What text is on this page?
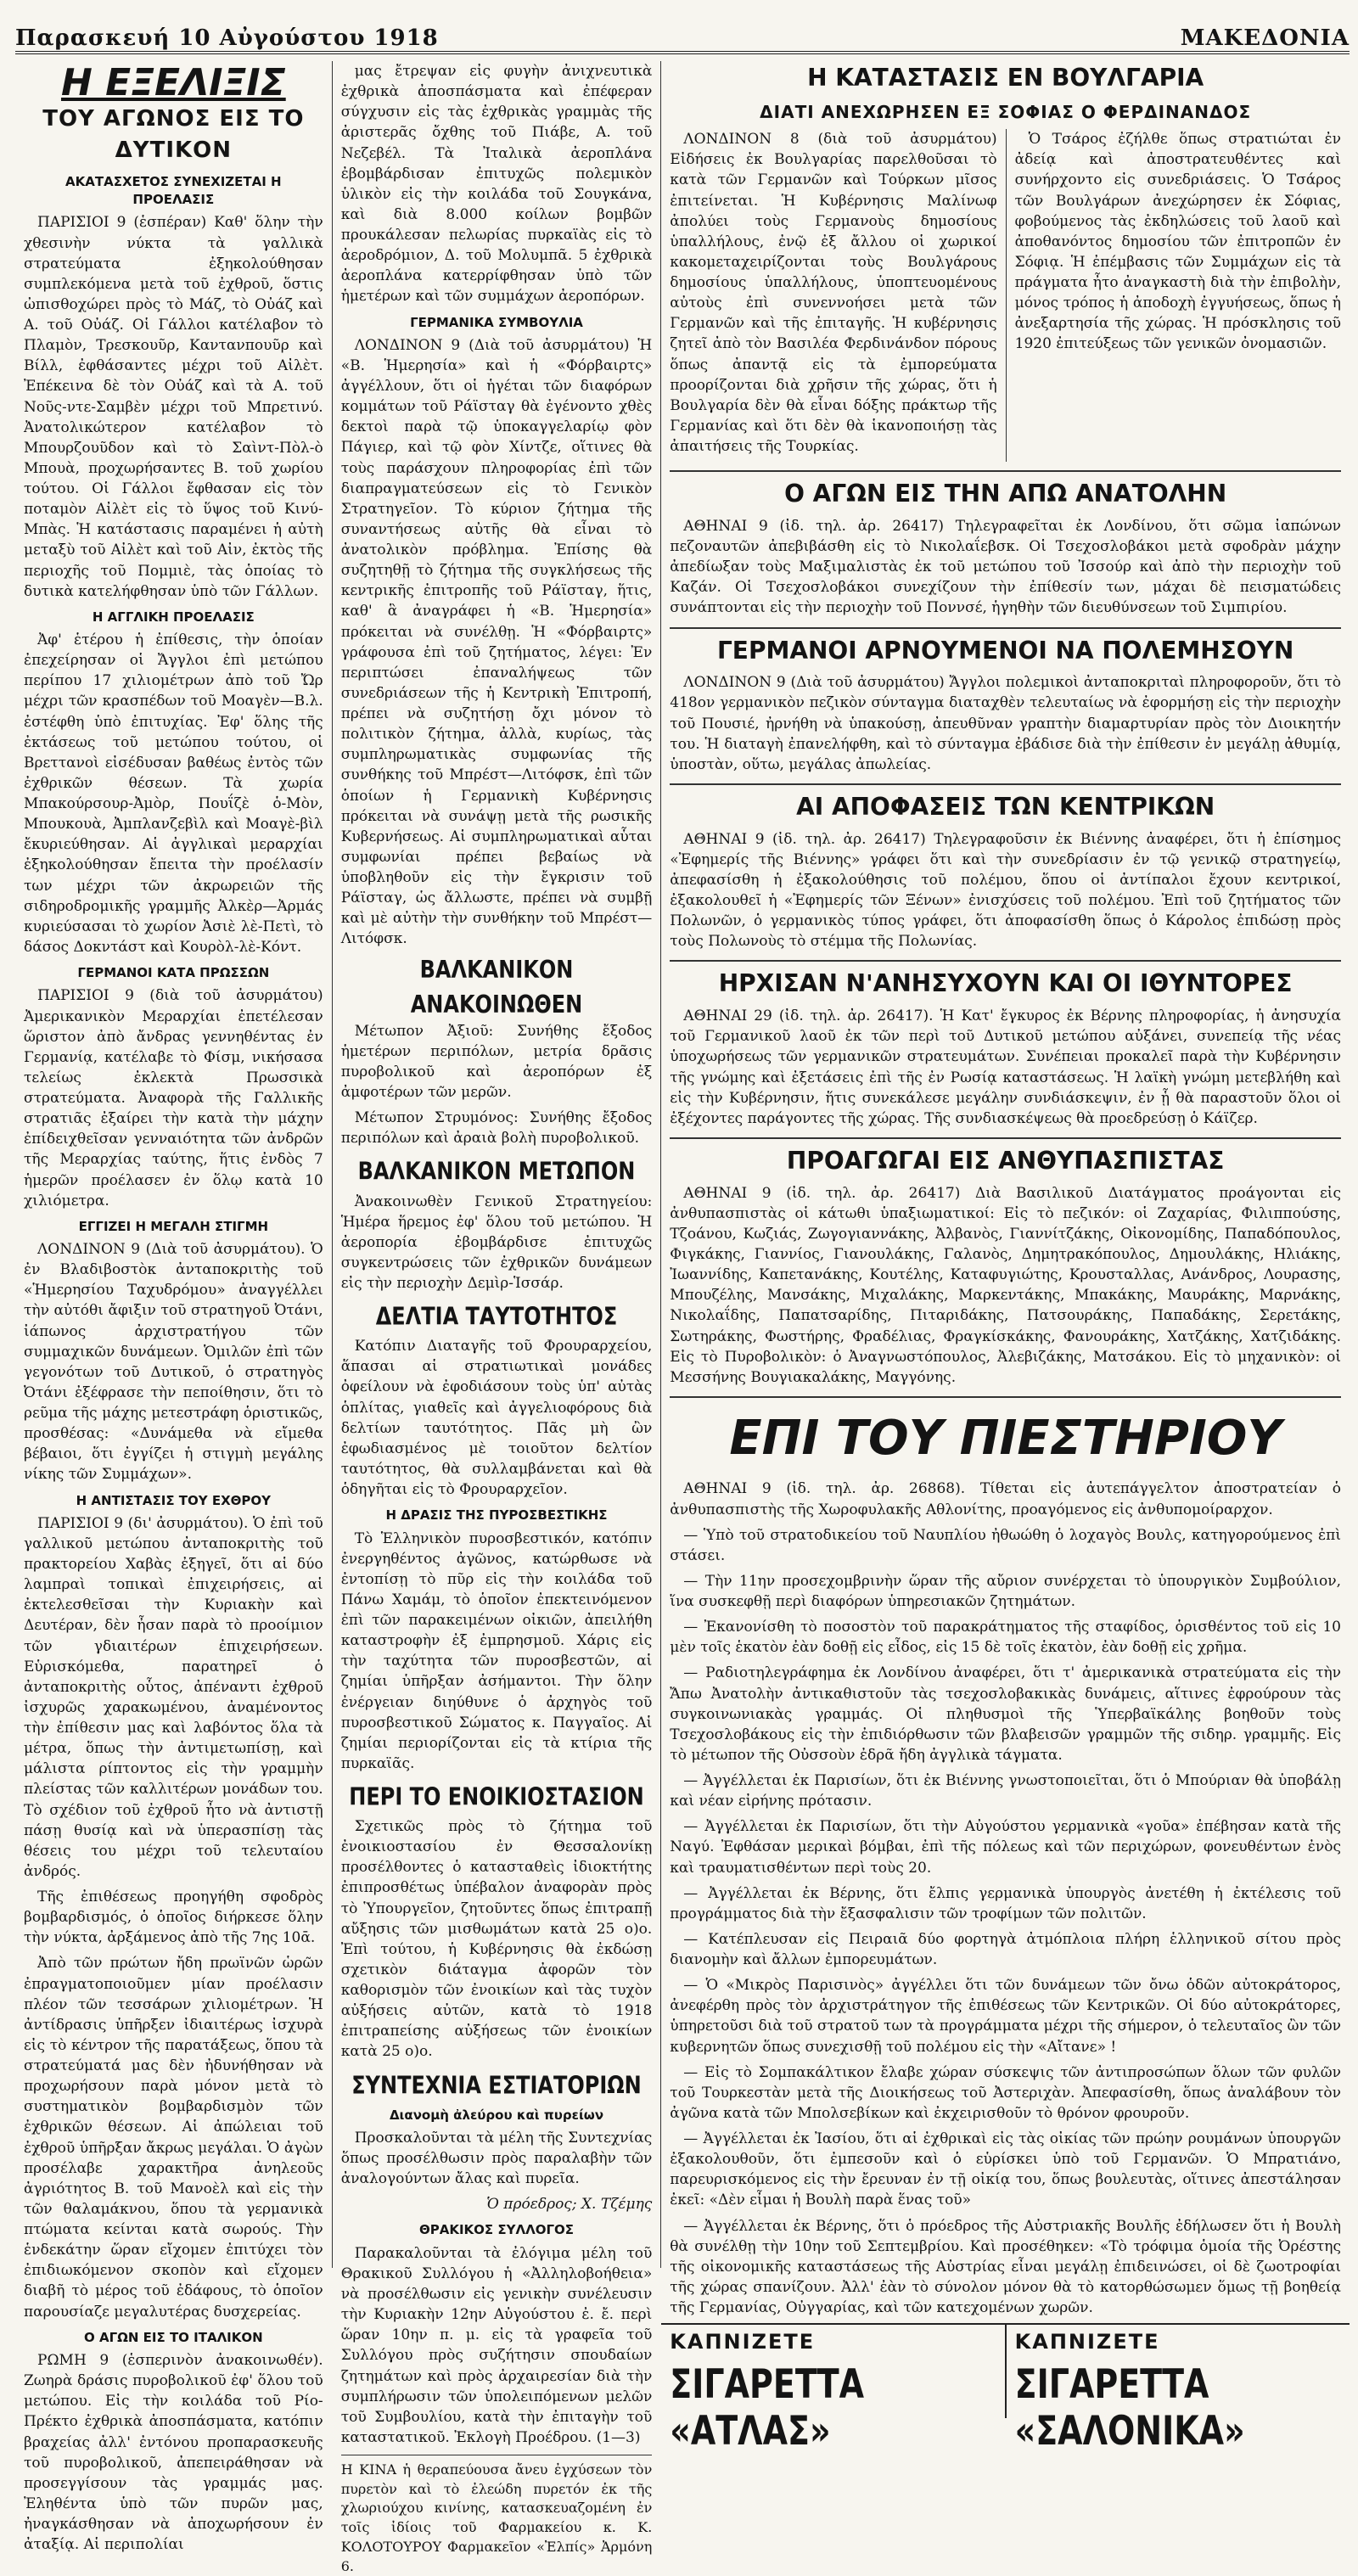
Παρασκευή 10 Αὐγούστου 1918	ΜΑΚΕΔΟΝΙΑ
Η ΕΞΕΛΙΞΙΣ
ΤΟΥ ΑΓΩΝΟΣ ΕΙΣ ΤΟ ΔΥΤΙΚΟΝ
ΑΚΑΤΑΣΧΕΤΟΣ ΣΥΝΕΧΙΖΕΤΑΙ Η ΠΡΟΕΛΑΣΙΣ

ΠΑΡΙΣΙΟΙ 9 (ἑσπέραν) Καθ' ὅλην τὴν χθεσινὴν νύκτα τὰ γαλλικὰ στρατεύματα ἐξηκολούθησαν συμπλεκόμενα μετὰ τοῦ ἐχθροῦ, ὅστις ὠπισθοχώρει πρὸς τὸ Μάζ, τὸ Οὐάζ καὶ Α. τοῦ Οὐάζ. Οἱ Γάλλοι κατέλαβον τὸ Πλαμὸν, Τρεσκουῦρ, Καντανπουῦρ καὶ Βίλλ, ἐφθάσαντες μέχρι τοῦ Αἰλὲτ. Ἐπέκεινα δὲ τὸν Οὐάζ καὶ τὰ Α. τοῦ Νοῦς-ντε-Σαμβὲν μέχρι τοῦ Μπρετινύ. Ἀνατολικώτερον κατέλαβον τὸ Μπουρζουῦδον καὶ τὸ Σαὶντ-Πὸλ-ὸ Μπουὰ, προχωρήσαντες Β. τοῦ χωρίου τούτου. Οἱ Γάλλοι ἔφθασαν εἰς τὸν ποταμὸν Αἰλὲτ εἰς τὸ ὕψος τοῦ Κινύ-Μπὰς. Ἡ κατάστασις παραμένει ἡ αὐτὴ μεταξὺ τοῦ Αἰλὲτ καὶ τοῦ Αἰν, ἐκτὸς τῆς περιοχῆς τοῦ Πομμιὲ, τὰς ὁποίας τὸ δυτικὰ κατελήφθησαν ὑπὸ τῶν Γάλλων.

Η ΑΓΓΛΙΚΗ ΠΡΟΕΛΑΣΙΣ

Ἀφ' ἑτέρου ἡ ἐπίθεσις, τὴν ὁποίαν ἐπεχείρησαν οἱ Ἄγγλοι ἐπὶ μετώπου περίπου 17 χιλιομέτρων ἀπὸ τοῦ Ὤρ μέχρι τῶν κρασπέδων τοῦ Μοαγὲν—Β.λ. ἐστέφθη ὑπὸ ἐπιτυχίας. Ἐφ' ὅλης τῆς ἐκτάσεως τοῦ μετώπου τούτου, οἱ Βρεττανοὶ εἰσέδυσαν βαθέως ἐντὸς τῶν ἐχθρικῶν θέσεων. Τὰ χωρία Μπακούρσουρ-Ἀμὸρ, Πουΐζὲ ὁ-Μὸν, Μπουκουὰ, Ἀμπλανζεβὶλ καὶ Μοαγὲ-βὶλ ἔκυριεύθησαν. Αἱ ἀγγλικαὶ μεραρχίαι ἐξηκολούθησαν ἔπειτα τὴν προέλασίν των μέχρι τῶν ἀκρωρειῶν τῆς σιδηροδρομικῆς γραμμῆς Ἀλκὲρ—Ἀρμάς κυριεύσασαι τὸ χωρίον Ἀσιὲ λὲ-Πετὶ, τὸ δάσος Δοκντάστ καὶ Κουρὸλ-λὲ-Κόντ.

ΓΕΡΜΑΝΟΙ ΚΑΤΑ ΠΡΩΣΣΩΝ

ΠΑΡΙΣΙΟΙ 9 (διὰ τοῦ ἀσυρμάτου) Ἀμερικανικὸν Μεραρχίαι ἐπετέλεσαν ὥριστον ἀπὸ ἄνδρας γεννηθέντας ἐν Γερμανίᾳ, κατέλαβε τὸ Φίσμ, νικήσασα τελείως ἐκλεκτὰ Πρωσσικὰ στρατεύματα. Ἀναφορὰ τῆς Γαλλικῆς στρατιᾶς ἐξαίρει τὴν κατὰ τὴν μάχην ἐπίδειχθεῖσαν γενναιότητα τῶν ἀνδρῶν τῆς Μεραρχίας ταύτης, ἥτις ἐνδὸς 7 ἡμερῶν προέλασεν ἐν ὅλῳ κατὰ 10 χιλιόμετρα.

ΕΓΓΙΖΕΙ Η ΜΕΓΑΛΗ ΣΤΙΓΜΗ

ΛΟΝΔΙΝΟΝ 9 (Διὰ τοῦ ἀσυρμάτου). Ὁ ἐν Βλαδιβοστὸκ ἀνταποκριτὴς τοῦ «Ἡμερησίου Ταχυδρόμου» ἀναγγέλλει τὴν αὐτόθι ἄφιξιν τοῦ στρατηγοῦ Ὀτάνι, ἰάπωνος ἀρχιστρατήγου τῶν συμμαχικῶν δυνάμεων. Ὁμιλῶν ἐπὶ τῶν γεγονότων τοῦ Δυτικοῦ, ὁ στρατηγὸς Ὀτάνι ἐξέφρασε τὴν πεποίθησιν, ὅτι τὸ ρεῦμα τῆς μάχης μετεστράφη ὁριστικῶς, προσθέσας: «Δυνάμεθα νὰ εἴμεθα βέβαιοι, ὅτι ἐγγίζει ἡ στιγμὴ μεγάλης νίκης τῶν Συμμάχων».

Η ΑΝΤΙΣΤΑΣΙΣ ΤΟΥ ΕΧΘΡΟΥ

ΠΑΡΙΣΙΟΙ 9 (δι' ἀσυρμάτου). Ὁ ἐπὶ τοῦ γαλλικοῦ μετώπου ἀνταποκριτὴς τοῦ πρακτορείου Χαβὰς ἐξηγεῖ, ὅτι αἱ δύο λαμπραὶ τοπικαὶ ἐπιχειρήσεις, αἱ ἐκτελεσθεῖσαι τὴν Κυριακὴν καὶ Δευτέραν, δὲν ἦσαν παρὰ τὸ προοίμιον τῶν γδιαιτέρων ἐπιχειρήσεων. Εὑρισκόμεθα, παρατηρεῖ ὁ ἀνταποκριτὴς οὗτος, ἀπέναντι ἐχθροῦ ἰσχυρῶς χαρακωμένου, ἀναμένοντος τὴν ἐπίθεσιν μας καὶ λαβόντος ὅλα τὰ μέτρα, ὅπως τὴν ἀντιμετωπίσῃ, καὶ μάλιστα ρίπτοντος εἰς τὴν γραμμὴν πλείστας τῶν καλλιτέρων μονάδων του. Τὸ σχέδιον τοῦ ἐχθροῦ ἦτο νὰ ἀντιστῇ πάσῃ θυσίᾳ καὶ νὰ ὑπερασπίσῃ τὰς θέσεις του μέχρι τοῦ τελευταίου ἀνδρός.

Τῆς ἐπιθέσεως προηγήθη σφοδρὸς βομβαρδισμός, ὁ ὁποῖος διήρκεσε ὅλην τὴν νύκτα, ἀρξάμενος ἀπὸ τῆς 7ης 10ᾱ.

Ἀπὸ τῶν πρώτων ἤδη πρωϊνῶν ὡρῶν ἐπραγματοποιοῦμεν μίαν προέλασιν πλέον τῶν τεσσάρων χιλιομέτρων. Ἡ ἀντίδρασις ὑπῆρξεν ἰδιαιτέρως ἰσχυρὰ εἰς τὸ κέντρον τῆς παρατάξεως, ὅπου τὰ στρατεύματά μας δὲν ἠδυνήθησαν νὰ προχωρήσουν παρὰ μόνον μετὰ τὸ συστηματικὸν βομβαρδισμὸν τῶν ἐχθρικῶν θέσεων. Αἱ ἀπώλειαι τοῦ ἐχθροῦ ὑπῆρξαν ἄκρως μεγάλαι. Ὁ ἀγὼν προσέλαβε χαρακτῆρα ἀνηλεοῦς ἀγριότητος Β. τοῦ Μανοὲλ καὶ εἰς τὴν τῶν θαλαμάκνου, ὅπου τὰ γερμανικὰ πτώματα κείνται κατὰ σωρούς. Τὴν ἑνδεκάτην ὥραν εἴχομεν ἐπιτύχει τὸν ἐπιδιωκόμενον σκοπὸν καὶ εἴχομεν διαβῆ τὸ μέρος τοῦ ἐδάφους, τὸ ὁποῖον παρουσίαζε μεγαλυτέρας δυσχερείας.

Ο ΑΓΩΝ ΕΙΣ ΤΟ ΙΤΑΛΙΚΟΝ

ΡΩΜΗ 9 (ἑσπερινὸν ἀνακοινωθέν). Ζωηρὰ δράσις πυροβολικοῦ ἐφ' ὅλου τοῦ μετώπου. Εἰς τὴν κοιλάδα τοῦ Ρίο-Πρέκτο ἐχθρικὰ ἀποσπάσματα, κατόπιν βραχείας ἀλλ' ἐντόνου προπαρασκευῆς τοῦ πυροβολικοῦ, ἀπεπειράθησαν νὰ προσεγγίσουν τὰς γραμμάς μας. Ἐληθέντα ὑπὸ τῶν πυρῶν μας, ἠναγκάσθησαν νὰ ἀποχωρήσουν ἐν ἀταξίᾳ. Αἱ περιπολίαι

μας ἔτρεψαν εἰς φυγὴν ἀνιχνευτικὰ ἐχθρικὰ ἀποσπάσματα καὶ ἐπέφεραν σύγχυσιν εἰς τὰς ἐχθρικὰς γραμμὰς τῆς ἀριστερᾶς ὄχθης τοῦ Πιάβε, Α. τοῦ Νεζεβέλ. Τὰ Ἰταλικὰ ἀεροπλάνα ἐβομβάρδισαν ἐπιτυχῶς πολεμικὸν ὑλικὸν εἰς τὴν κοιλάδα τοῦ Σουγκάνα, καὶ διὰ 8.000 κοίλων βομβῶν προυκάλεσαν πελωρίας πυρκαϊὰς εἰς τὸ ἀεροδρόμιον, Δ. τοῦ Μολυμπᾶ. 5 ἐχθρικὰ ἀεροπλάνα κατερρίφθησαν ὑπὸ τῶν ἡμετέρων καὶ τῶν συμμάχων ἀεροπόρων.

ΓΕΡΜΑΝΙΚΑ ΣΥΜΒΟΥΛΙΑ

ΛΟΝΔΙΝΟΝ 9 (Διὰ τοῦ ἀσυρμάτου) Ἡ «Β. Ἡμερησία» καὶ ἡ «Φόρβαιρτς» ἀγγέλλουν, ὅτι οἱ ἡγέται τῶν διαφόρων κομμάτων τοῦ Ράϊσταγ θὰ ἐγένοντο χθὲς δεκτοὶ παρὰ τῷ ὑποκαγγελαρίῳ φὸν Πάγιερ, καὶ τῷ φὸν Χίντζε, οἵτινες θὰ τοὺς παράσχουν πληροφορίας ἐπὶ τῶν διαπραγματεύσεων εἰς τὸ Γενικὸν Στρατηγεῖον. Τὸ κύριον ζήτημα τῆς συναντήσεως αὐτῆς θὰ εἶναι τὸ ἀνατολικὸν πρόβλημα. Ἐπίσης θὰ συζητηθῇ τὸ ζήτημα τῆς συγκλήσεως τῆς κεντρικῆς ἐπιτροπῆς τοῦ Ράϊσταγ, ἥτις, καθ' ἃ ἀναγράφει ἡ «Β. Ἡμερησία» πρόκειται νὰ συνέλθῃ. Ἡ «Φόρβαιρτς» γράφουσα ἐπὶ τοῦ ζητήματος, λέγει: Ἐν περιπτώσει ἐπαναλήψεως τῶν συνεδριάσεων τῆς ἡ Κεντρικὴ Ἐπιτροπή, πρέπει νὰ συζητήσῃ ὄχι μόνον τὸ πολιτικὸν ζήτημα, ἀλλὰ, κυρίως, τὰς συμπληρωματικὰς συμφωνίας τῆς συνθήκης τοῦ Μπρέστ—Λιτόφσκ, ἐπὶ τῶν ὁποίων ἡ Γερμανικὴ Κυβέρνησις πρόκειται νὰ συνάψῃ μετὰ τῆς ρωσικῆς Κυβερνήσεως. Αἱ συμπληρωματικαὶ αὗται συμφωνίαι πρέπει βεβαίως νὰ ὑποβληθοῦν εἰς τὴν ἔγκρισιν τοῦ Ράϊσταγ, ὡς ἄλλωστε, πρέπει νὰ συμβῇ καὶ μὲ αὐτὴν τὴν συνθήκην τοῦ Μπρέστ—Λιτόφσκ.

ΒΑΛΚΑΝΙΚΟΝ ΑΝΑΚΟΙΝΩΘΕΝ

Μέτωπον Ἀξιοῦ: Συνήθης ἔξοδος ἡμετέρων περιπόλων, μετρία δρᾶσις πυροβολικοῦ καὶ ἀεροπόρων ἐξ ἀμφοτέρων τῶν μερῶν.

Μέτωπον Στρυμόνος: Συνήθης ἔξοδος περιπόλων καὶ ἀραιὰ βολὴ πυροβολικοῦ.

ΒΑΛΚΑΝΙΚΟΝ ΜΕΤΩΠΟΝ

Ἀνακοινωθὲν Γενικοῦ Στρατηγείου: Ἡμέρα ἥρεμος ἐφ' ὅλου τοῦ μετώπου. Ἡ ἀεροπορία ἐβομβάρδισε ἐπιτυχῶς συγκεντρώσεις τῶν ἐχθρικῶν δυνάμεων εἰς τὴν περιοχὴν Δεμὶρ-Ἱσσάρ.

ΔΕΛΤΙΑ ΤΑΥΤΟΤΗΤΟΣ

Κατόπιν Διαταγῆς τοῦ Φρουραρχείου, ἅπασαι αἱ στρατιωτικαὶ μονάδες ὀφείλουν νὰ ἐφοδιάσουν τοὺς ὑπ' αὐτὰς ὁπλίτας, γιαθεῖς καὶ ἀγγελιοφόρους διὰ δελτίων ταυτότητος. Πᾶς μὴ ὢν ἐφωδιασμένος μὲ τοιοῦτον δελτίον ταυτότητος, θὰ συλλαμβάνεται καὶ θὰ ὁδηγῆται εἰς τὸ Φρουραρχεῖον.

Η ΔΡΑΣΙΣ ΤΗΣ ΠΥΡΟΣΒΕΣΤΙΚΗΣ

Τὸ Ἑλληνικὸν πυροσβεστικόν, κατόπιν ἐνεργηθέντος ἀγῶνος, κατώρθωσε νὰ ἐντοπίσῃ τὸ πῦρ εἰς τὴν κοιλάδα τοῦ Πάνω Χαμάμ, τὸ ὁποῖον ἐπεκτεινόμενον ἐπὶ τῶν παρακειμένων οἰκιῶν, ἀπειλήθη καταστροφὴν ἐξ ἐμπρησμοῦ. Χάρις εἰς τὴν ταχύτητα τῶν πυροσβεστῶν, αἱ ζημίαι ὑπῆρξαν ἀσήμαντοι. Τὴν ὅλην ἐνέργειαν διηύθυνε ὁ ἀρχηγὸς τοῦ πυροσβεστικοῦ Σώματος κ. Παγγαῖος. Αἱ ζημίαι περιορίζονται εἰς τὰ κτίρια τῆς πυρκαϊᾶς.

ΠΕΡΙ ΤΟ ΕΝΟΙΚΙΟΣΤΑΣΙΟΝ

Σχετικῶς πρὸς τὸ ζήτημα τοῦ ἐνοικιοστασίου ἐν Θεσσαλονίκῃ προσέλθοντες ὁ κατασταθεὶς ἰδιοκτήτης ἐπιπροσθέτως ὑπέβαλον ἀναφορὰν πρὸς τὸ Ὑπουργεῖον, ζητοῦντες ὅπως ἐπιτραπῇ αὔξησις τῶν μισθωμάτων κατὰ 25 ο)ο. Ἐπὶ τούτου, ἡ Κυβέρνησις θὰ ἐκδώσῃ σχετικὸν διάταγμα ἀφορῶν τὸν καθορισμὸν τῶν ἐνοικίων καὶ τὰς τυχὸν αὐξήσεις αὐτῶν, κατὰ τὸ 1918 ἐπιτραπείσης αὐξήσεως τῶν ἐνοικίων κατὰ 25 ο)ο.

ΣΥΝΤΕΧΝΙΑ ΕΣΤΙΑΤΟΡΙΩΝ
Διανομὴ ἀλεύρου καὶ πυρείων

Προσκαλοῦνται τὰ μέλη τῆς Συντεχνίας ὅπως προσέλθωσιν πρὸς παραλαβὴν τῶν ἀναλογούντων ἄλας καὶ πυρεῖα.

Ὁ πρόεδρος; Χ. Τζέμης
ΘΡΑΚΙΚΟΣ ΣΥΛΛΟΓΟΣ

Παρακαλοῦνται τὰ ἐλόγιμα μέλη τοῦ Θρακικοῦ Συλλόγου ἡ «Ἀλληλοβοήθεια» νὰ προσέλθωσιν εἰς γενικὴν συνέλευσιν τὴν Κυριακὴν 12ην Αὐγούστου ἐ. ἔ. περὶ ὥραν 10ην π. μ. εἰς τὰ γραφεῖα τοῦ Συλλόγου πρὸς συζήτησιν σπουδαίων ζητημάτων καὶ πρὸς ἀρχαιρεσίαν διὰ τὴν συμπλήρωσιν τῶν ὑπολειπόμενων μελῶν τοῦ Συμβουλίου, κατὰ τὴν ἐπιταγὴν τοῦ καταστατικοῦ. Ἐκλογὴ Προέδρου. (1—3)

Η ΚΙΝΑ ἡ θεραπεύουσα ἄνευ ἐγχύσεων τὸν πυρετὸν καὶ τὸ ἐλεώδη πυρετόν ἐκ τῆς χλωριούχου κινίνης, κατασκευαζομένη ἐν τοῖς ἰδίοις τοῦ Φαρμακείου κ. Κ. ΚΟΛΟΤΟΥΡΟΥ Φαρμακεῖον «Ἐλπίς» Ἀρμόνη 6.
Η ΚΑΤΑΣΤΑΣΙΣ ΕΝ ΒΟΥΛΓΑΡΙΑ
ΔΙΑΤΙ ΑΝΕΧΩΡΗΣΕΝ ΕΞ ΣΟΦΙΑΣ Ο ΦΕΡΔΙΝΑΝΔΟΣ

ΛΟΝΔΙΝΟΝ 8 (διὰ τοῦ ἀσυρμάτου) Εἰδήσεις ἐκ Βουλγαρίας παρελθοῦσαι τὸ κατὰ τῶν Γερμανῶν καὶ Τούρκων μῖσος ἐπιτείνεται. Ἡ Κυβέρνησις Μαλίνωφ ἀπολύει τοὺς Γερμανοὺς δημοσίους ὑπαλλήλους, ἐνῷ ἐξ ἄλλου οἱ χωρικοί κακομεταχειρίζονται τοὺς Βουλγάρους δημοσίους ὑπαλλήλους, ὑποπτευομένους αὐτοὺς ἐπὶ συνεννοήσει μετὰ τῶν Γερμανῶν καὶ τῆς ἐπιταγῆς. Ἡ κυβέρνησις ζητεῖ ἀπὸ τὸν Βασιλέα Φερδινάνδον πόρους ὅπως ἀπαντᾷ εἰς τὰ ἐμπορεύματα προορίζονται διὰ χρῆσιν τῆς χώρας, ὅτι ἡ Βουλγαρία δὲν θὰ εἶναι δόξης πράκτωρ τῆς Γερμανίας καὶ ὅτι δὲν θὰ ἱκανοποιήσῃ τὰς ἀπαιτήσεις τῆς Τουρκίας.

Ὁ Τσάρος ἐζήλθε ὅπως στρατιώται ἐν ἀδείᾳ καὶ ἀποστρατευθέντες καὶ συνήρχοντο εἰς συνεδριάσεις. Ὁ Τσάρος τῶν Βουλγάρων ἀνεχώρησεν ἐκ Σόφιας, φοβούμενος τὰς ἐκδηλώσεις τοῦ λαοῦ καὶ ἀποθανόντος δημοσίου τῶν ἐπιτροπῶν ἐν Σόφιᾳ. Ἡ ἐπέμβασις τῶν Συμμάχων εἰς τὰ πράγματα ἦτο ἀναγκαστὴ διὰ τὴν ἐπιβολὴν, μόνος τρόπος ἡ ἀποδοχὴ ἐγγυήσεως, ὅπως ἡ ἀνεξαρτησία τῆς χώρας. Ἡ πρόσκλησις τοῦ 1920 ἐπιτεύξεως τῶν γενικῶν ὀνομασιῶν.

Ο ΑΓΩΝ ΕΙΣ ΤΗΝ ΑΠΩ ΑΝΑΤΟΛΗΝ

ΑΘΗΝΑΙ 9 (ἰδ. τηλ. ἀρ. 26417) Τηλεγραφεῖται ἐκ Λονδίνου, ὅτι σῶμα ἰαπώνων πεζοναυτῶν ἀπεβιβάσθη εἰς τὸ Νικολαΐεβσκ. Οἱ Τσεχοσλοβάκοι μετὰ σφοδρὰν μάχην ἀπεδίωξαν τοὺς Μαξιμαλιστὰς ἐκ τοῦ μετώπου τοῦ Ἰσσούρ καὶ ἀπὸ τὴν περιοχὴν τοῦ Καζάν. Οἱ Τσεχοσλοβάκοι συνεχίζουν τὴν ἐπίθεσίν των, μάχαι δὲ πεισματώδεις συνάπτονται εἰς τὴν περιοχὴν τοῦ Ποννσέ, ἡγηθὴν τῶν διευθύνσεων τοῦ Σιμπιρίου.

ΓΕΡΜΑΝΟΙ ΑΡΝΟΥΜΕΝΟΙ ΝΑ ΠΟΛΕΜΗΣΟΥΝ

ΛΟΝΔΙΝΟΝ 9 (Διὰ τοῦ ἀσυρμάτου) Ἄγγλοι πολεμικοὶ ἀνταποκριταὶ πληροφοροῦν, ὅτι τὸ 418ον γερμανικὸν πεζικὸν σύνταγμα διαταχθὲν τελευταίως νὰ ἐφορμήσῃ εἰς τὴν περιοχὴν τοῦ Πουσιέ, ἠρνήθη νὰ ὑπακούσῃ, ἀπευθῦναν γραπτὴν διαμαρτυρίαν πρὸς τὸν Διοικητήν του. Ἡ διαταγὴ ἐπανελήφθη, καὶ τὸ σύνταγμα ἐβάδισε διὰ τὴν ἐπίθεσιν ἐν μεγάλῃ ἀθυμίᾳ, ὑποστὰν, οὕτω, μεγάλας ἀπωλείας.

ΑΙ ΑΠΟΦΑΣΕΙΣ ΤΩΝ ΚΕΝΤΡΙΚΩΝ

ΑΘΗΝΑΙ 9 (ἰδ. τηλ. ἀρ. 26417) Τηλεγραφοῦσιν ἐκ Βιέννης ἀναφέρει, ὅτι ἡ ἐπίσημος «Ἐφημερίς τῆς Βιέννης» γράφει ὅτι καὶ τὴν συνεδρίασιν ἐν τῷ γενικῷ στρατηγείῳ, ἀπεφασίσθη ἡ ἐξακολούθησις τοῦ πολέμου, ὅπου οἱ ἀντίπαλοι ἔχουν κεντρικοί, ἐξακολουθεῖ ἡ «Ἐφημερίς τῶν Ξένων» ἐνισχύσεις τοῦ πολέμου. Ἐπὶ τοῦ ζητήματος τῶν Πολωνῶν, ὁ γερμανικὸς τύπος γράφει, ὅτι ἀποφασίσθη ὅπως ὁ Κάρολος ἐπιδώσῃ πρὸς τοὺς Πολωνοὺς τὸ στέμμα τῆς Πολωνίας.

ΗΡΧΙΣΑΝ Ν'ΑΝΗΣΥΧΟΥΝ ΚΑΙ ΟΙ ΙΘΥΝΤΟΡΕΣ

ΑΘΗΝΑΙ 29 (ἰδ. τηλ. ἀρ. 26417). Ἡ Κατ' ἔγκυρος ἐκ Βέρνης πληροφορίας, ἡ ἀνησυχία τοῦ Γερμανικοῦ λαοῦ ἐκ τῶν περὶ τοῦ Δυτικοῦ μετώπου αὐξάνει, συνεπείᾳ τῆς νέας ὑποχωρήσεως τῶν γερμανικῶν στρατευμάτων. Συνέπειαι προκαλεῖ παρὰ τὴν Κυβέρνησιν τῆς γνώμης καὶ ἐξετάσεις ἐπὶ τῆς ἐν Ρωσίᾳ καταστάσεως. Ἡ λαϊκὴ γνώμη μετεβλήθη καὶ εἰς τὴν Κυβέρνησιν, ἥτις συνεκάλεσε μεγάλην συνδιάσκεψιν, ἐν ᾗ θὰ παραστοῦν ὅλοι οἱ ἐξέχοντες παράγοντες τῆς χώρας. Τῆς συνδιασκέψεως θὰ προεδρεύσῃ ὁ Κάϊζερ.

ΠΡΟΑΓΩΓΑΙ ΕΙΣ ΑΝΘΥΠΑΣΠΙΣΤΑΣ

ΑΘΗΝΑΙ 9 (ἰδ. τηλ. ἀρ. 26417) Διὰ Βασιλικοῦ Διατάγματος προάγονται εἰς ἀνθυπασπιστὰς οἱ κάτωθι ὑπαξιωματικοί: Εἰς τὸ πεζικόν: οἱ Ζαχαρίας, Φιλιππούσης, Τζοάνου, Κωζιάς, Ζωγογιαννάκης, Ἀλβανὸς, Γιαννίτζάκης, Οἰκονομίδης, Παπαδόπουλος, Φιγκάκης, Γιαννίος, Γιανουλάκης, Γαλανὸς, Δημητρακόπουλος, Δημουλάκης, Ηλιάκης, Ἰωαννίδης, Καπετανάκης, Κουτέλης, Καταφυγιώτης, Κρουσταλλας, Ανάνδρος, Λουρασης, Μπουζέλης, Μανσάκης, Μιχαλάκης, Μαρκεντάκης, Μπακάκης, Μαυράκης, Μαρνάκης, Νικολαΐδης, Παπατσαρίδης, Πιταριδάκης, Πατσουράκης, Παπαδάκης, Σερετάκης, Σωτηράκης, Φωστήρης, Φραδέλιας, Φραγκίσκάκης, Φανουράκης, Χατζάκης, Χατζιδάκης. Εἰς τὸ Πυροβολικὸν: ὁ Ἀναγνωστόπουλος, Ἀλεβιζάκης, Ματσάκου. Εἰς τὸ μηχανικὸν: οἱ Μεσσήνης Βουγιακαλάκης, Μαγγόνης.

ΕΠΙ ΤΟΥ ΠΙΕΣΤΗΡΙΟΥ

ΑΘΗΝΑΙ 9 (ἰδ. τηλ. ἀρ. 26868). Τίθεται εἰς ἀυτεπάγγελτον ἀποστρατείαν ὁ ἀνθυπασπιστὴς τῆς Χωροφυλακῆς Αθλονίτης, προαγόμενος εἰς ἀνθυπομοίραρχον.

— Ὑπὸ τοῦ στρατοδικείου τοῦ Ναυπλίου ἠθωώθη ὁ λοχαγὸς Βουλς, κατηγορούμενος ἐπὶ στάσει.

— Τὴν 11ην προσεχομβρινὴν ὥραν τῆς αὔριον συνέρχεται τὸ ὑπουργικὸν Συμβούλιον, ἵνα συσκεφθῇ περὶ διαφόρων ὑπηρεσιακῶν ζητημάτων.

— Ἐκανονίσθη τὸ ποσοστὸν τοῦ παρακράτηματος τῆς σταφίδος, ὁρισθέντος τοῦ εἰς 10 μὲν τοῖς ἑκατὸν ἐὰν δοθῇ εἰς εἶδος, εἰς 15 δὲ τοῖς ἑκατὸν, ἐὰν δοθῇ εἰς χρῆμα.

— Ραδιοτηλεγράφημα ἐκ Λονδίνου ἀναφέρει, ὅτι τ' ἀμερικανικὰ στρατεύματα εἰς τὴν Ἄπω Ἀνατολὴν ἀντικαθιστοῦν τὰς τσεχοσλοβακικὰς δυνάμεις, αἵτινες ἐφρούρουν τὰς συγκοινωνιακὰς γραμμάς. Οἱ πληθυσμοὶ τῆς Ὑπερβαϊκάλης βοηθοῦν τοὺς Τσεχοσλοβάκους εἰς τὴν ἐπιδιόρθωσιν τῶν βλαβεισῶν γραμμῶν τῆς σιδηρ. γραμμῆς. Εἰς τὸ μέτωπον τῆς Οὐσσοὺν ἐδρᾶ ἤδη ἀγγλικὰ τάγματα.

— Ἀγγέλλεται ἐκ Παρισίων, ὅτι ἐκ Βιέννης γνωστοποιεῖται, ὅτι ὁ Μπούριαν θὰ ὑποβάλῃ καὶ νέαν εἰρήνης πρότασιν.

— Ἀγγέλλεται ἐκ Παρισίων, ὅτι τὴν Αὐγούστου γερμανικὰ «γοῦα» ἐπέβησαν κατὰ τῆς Ναγύ. Ἐφθάσαν μερικαὶ βόμβαι, ἐπὶ τῆς πόλεως καὶ τῶν περιχώρων, φονευθέντων ἐνὸς καὶ τραυματισθέντων περὶ τοὺς 20.

— Ἀγγέλλεται ἐκ Βέρνης, ὅτι ἔλπις γερμανικὰ ὑπουργὸς ἀνετέθη ἡ ἐκτέλεσις τοῦ προγράμματος διὰ τὴν ἔξασφαλισιν τῶν τροφίμων τῶν πολιτῶν.

— Κατέπλευσαν εἰς Πειραιᾶ δύο φορτηγὰ ἀτμόπλοια πλήρη ἑλληνικοῦ σίτου πρὸς διανομὴν καὶ ἄλλων ἐμπορευμάτων.

— Ὁ «Μικρὸς Παρισινὸς» ἀγγέλλει ὅτι τῶν δυνάμεων τῶν ὄνω ὁδῶν αὐτοκράτορος, ἀνεφέρθη πρὸς τὸν ἀρχιστράτηγον τῆς ἐπιθέσεως τῶν Κεντρικῶν. Οἱ δύο αὐτοκράτορες, ὑπηρετοῦσι διὰ τοῦ στρατοῦ των τὰ προγράμματα μέχρι τῆς σήμερον, ὁ τελευταῖος ὢν τῶν κυβερνητῶν ὅπως συνεχισθῇ τοῦ πολέμου εἰς τὴν «Αἴτανε» !

— Εἰς τὸ Σομπακάλτικον ἔλαβε χώραν σύσκεψις τῶν ἀντιπροσώπων ὅλων τῶν φυλῶν τοῦ Τουρκεστὰν μετὰ τῆς Διοικήσεως τοῦ Ἀστεριχὰν. Ἀπεφασίσθη, ὅπως ἀναλάβουν τὸν ἀγῶνα κατὰ τῶν Μπολσεβίκων καὶ ἐκχειρισθοῦν τὸ θρόνον φρουροῦν.

— Ἀγγέλλεται ἐκ Ἰασίου, ὅτι αἱ ἐχθρικαὶ εἰς τὰς οἰκίας τῶν πρώην ρουμάνων ὑπουργῶν ἐξακολουθοῦν, ὅτι ἐμπεσοῦν καὶ ὁ εὑρίσκει ὑπὸ τοῦ Γερμανῶν. Ὁ Μπρατιάνο, παρευρισκόμενος εἰς τὴν ἔρευναν ἐν τῇ οἰκίᾳ του, ὅπως βουλευτὰς, οἵτινες ἀπεστάλησαν ἐκεῖ: «Δὲν εἶμαι ἡ Βουλὴ παρὰ ἕνας τοῦ»

— Ἀγγέλλεται ἐκ Βέρνης, ὅτι ὁ πρόεδρος τῆς Αὐστριακῆς Βουλῆς ἐδήλωσεν ὅτι ἡ Βουλὴ θὰ συνέλθῃ τὴν 10ην τοῦ Σεπτεμβρίου. Καὶ προσέθηκεν: «Τὸ τρόφιμα ὁμοία τῆς Ὀρέστης τῆς οἰκονομικῆς καταστάσεως τῆς Αὐστρίας εἶναι μεγάλῃ ἐπιδεινώσει, οἱ δὲ ζωοτροφίαι τῆς χώρας σπανίζουν. Ἀλλ' ἐὰν τὸ σύνολον μόνον θὰ τὸ κατορθώσωμεν ὅμως τῇ βοηθείᾳ τῆς Γερμανίας, Οὐγγαρίας, καὶ τῶν κατεχομένων χωρῶν.

ΚΑΠΝΙΖΕΤΕ
ΣΙΓΑΡΕΤΤΑ «ΑΤΛΑΣ»
ΚΑΠΝΙΖΕΤΕ
ΣΙΓΑΡΕΤΤΑ «ΣΑΛΟΝΙΚΑ»
